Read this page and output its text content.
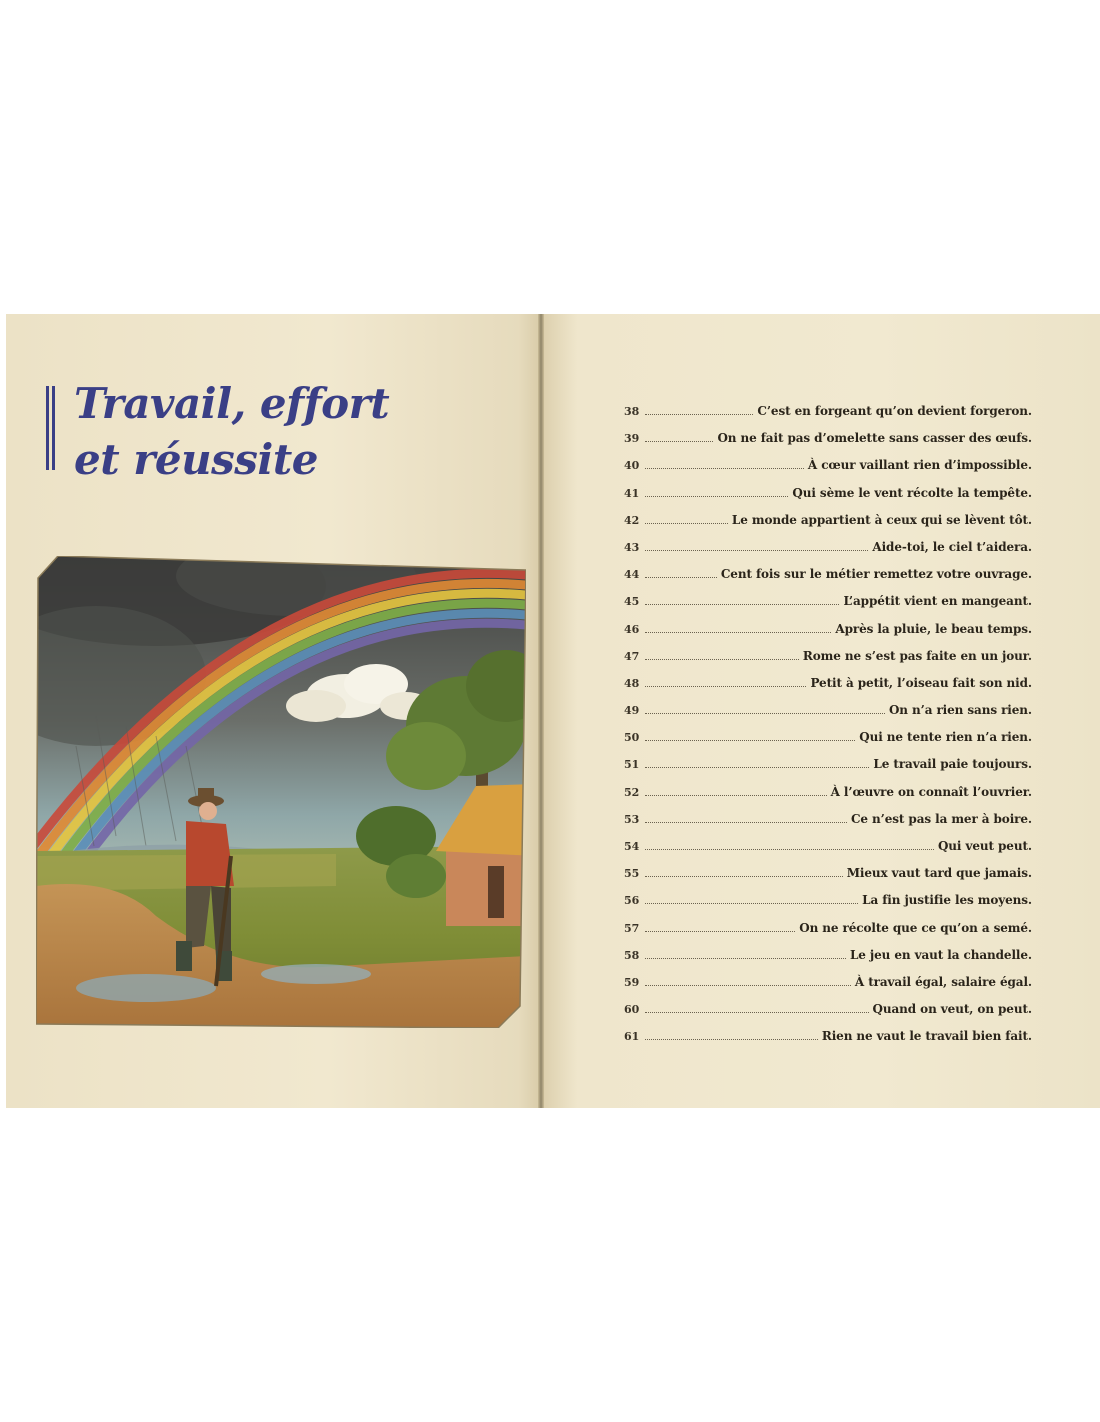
Travail, effort
et réussite
38	C’est en forgeant qu’on devient forgeron.
39	On ne fait pas d’omelette sans casser des œufs.
40	À cœur vaillant rien d’impossible.
41	Qui sème le vent récolte la tempête.
42	Le monde appartient à ceux qui se lèvent tôt.
43	Aide-toi, le ciel t’aidera.
44	Cent fois sur le métier remettez votre ouvrage.
45	L’appétit vient en mangeant.
46	Après la pluie, le beau temps.
47	Rome ne s’est pas faite en un jour.
48	Petit à petit, l’oiseau fait son nid.
49	On n’a rien sans rien.
50	Qui ne tente rien n’a rien.
51	Le travail paie toujours.
52	À l’œuvre on connaît l’ouvrier.
53	Ce n’est pas la mer à boire.
54	Qui veut peut.
55	Mieux vaut tard que jamais.
56	La fin justifie les moyens.
57	On ne récolte que ce qu’on a semé.
58	Le jeu en vaut la chandelle.
59	À travail égal, salaire égal.
60	Quand on veut, on peut.
61	Rien ne vaut le travail bien fait.
